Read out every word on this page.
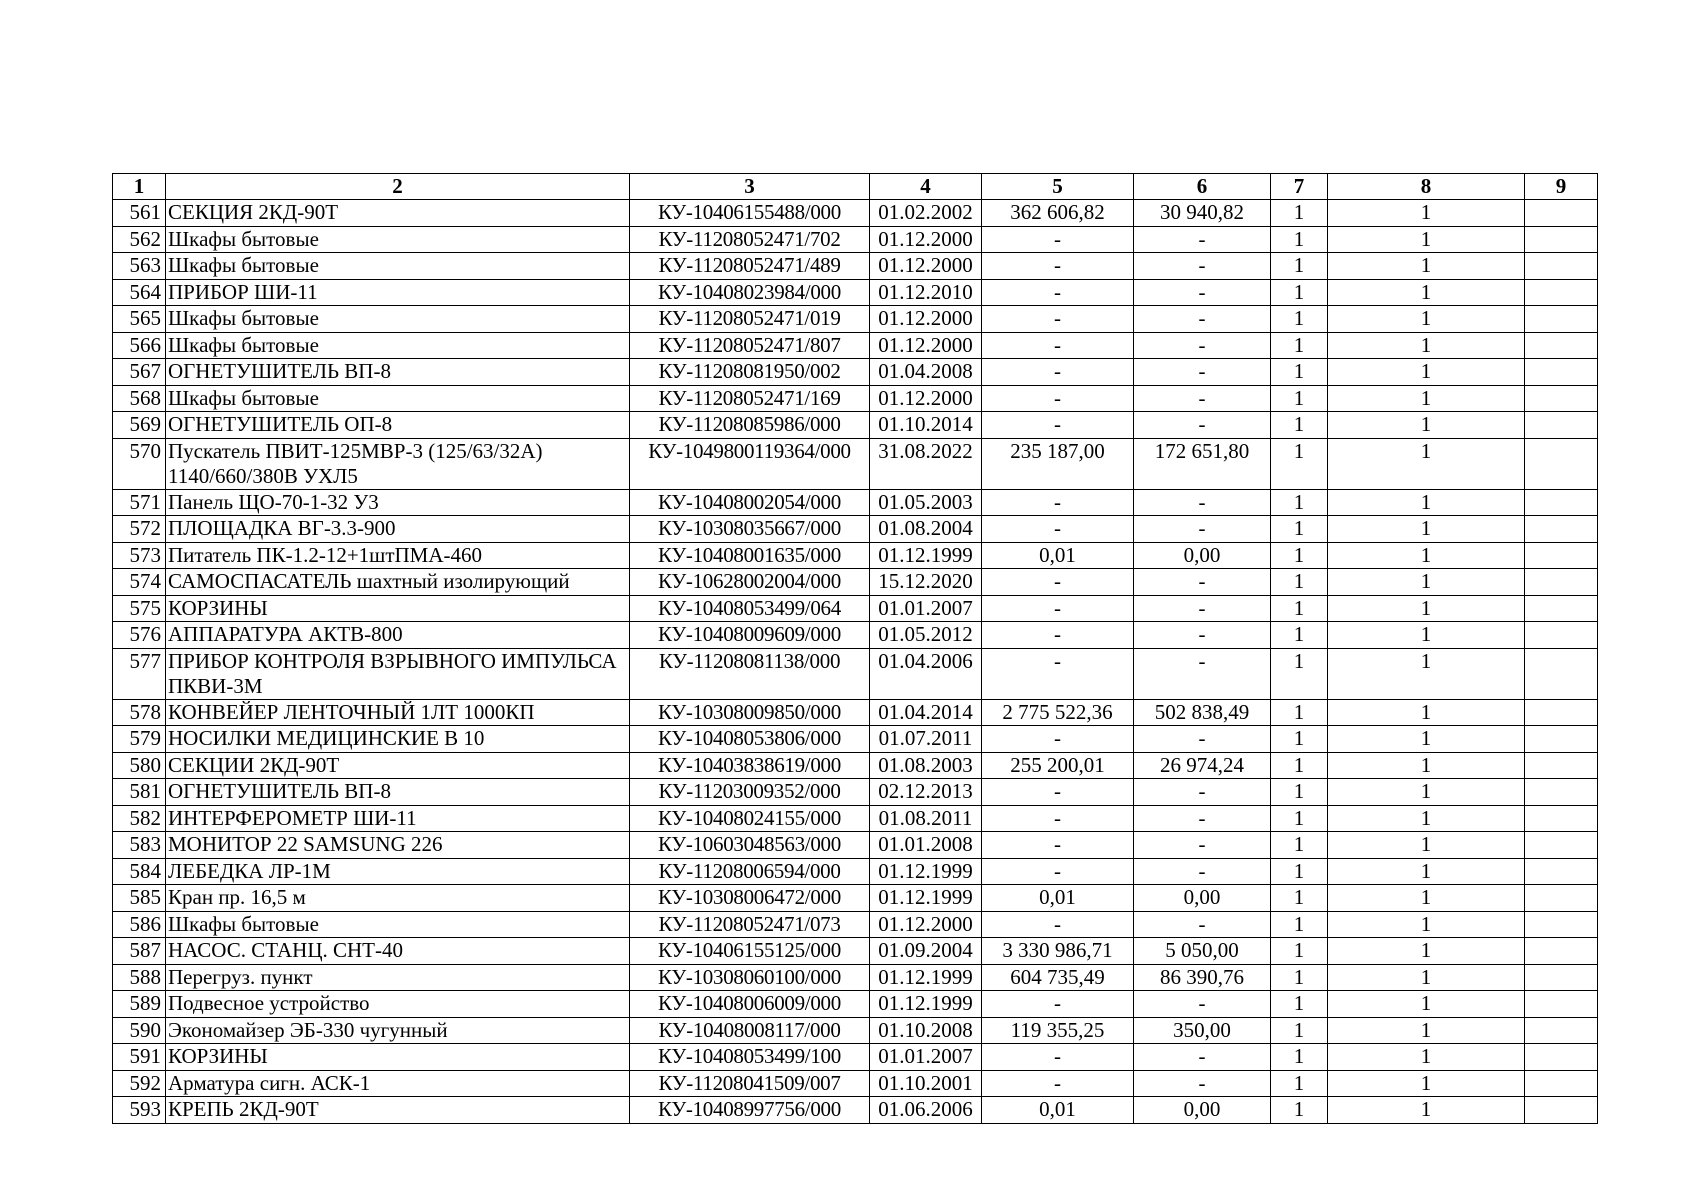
1	2	3	4	5	6	7	8	9
561	СЕКЦИЯ 2КД-90Т	КУ-10406155488/000	01.02.2002	362 606,82	30 940,82	1	1	
562	Шкафы бытовые	КУ-11208052471/702	01.12.2000	-	-	1	1	
563	Шкафы бытовые	КУ-11208052471/489	01.12.2000	-	-	1	1	
564	ПРИБОР ШИ-11	КУ-10408023984/000	01.12.2010	-	-	1	1	
565	Шкафы бытовые	КУ-11208052471/019	01.12.2000	-	-	1	1	
566	Шкафы бытовые	КУ-11208052471/807	01.12.2000	-	-	1	1	
567	ОГНЕТУШИТЕЛЬ ВП-8	КУ-11208081950/002	01.04.2008	-	-	1	1	
568	Шкафы бытовые	КУ-11208052471/169	01.12.2000	-	-	1	1	
569	ОГНЕТУШИТЕЛЬ ОП-8	КУ-11208085986/000	01.10.2014	-	-	1	1	
570	Пускатель ПВИТ-125МВР-3 (125/63/32А) 1140/660/380В УХЛ5	КУ-1049800119364/000	31.08.2022	235 187,00	172 651,80	1	1	
571	Панель ЩО-70-1-32 У3	КУ-10408002054/000	01.05.2003	-	-	1	1	
572	ПЛОЩАДКА ВГ-3.3-900	КУ-10308035667/000	01.08.2004	-	-	1	1	
573	Питатель ПК-1.2-12+1штПМА-460	КУ-10408001635/000	01.12.1999	0,01	0,00	1	1	
574	САМОСПАСАТЕЛЬ шахтный изолирующий	КУ-10628002004/000	15.12.2020	-	-	1	1	
575	КОРЗИНЫ	КУ-10408053499/064	01.01.2007	-	-	1	1	
576	АППАРАТУРА АКТВ-800	КУ-10408009609/000	01.05.2012	-	-	1	1	
577	ПРИБОР КОНТРОЛЯ ВЗРЫВНОГО ИМПУЛЬСА ПКВИ-3М	КУ-11208081138/000	01.04.2006	-	-	1	1	
578	КОНВЕЙЕР ЛЕНТОЧНЫЙ 1ЛТ 1000КП	КУ-10308009850/000	01.04.2014	2 775 522,36	502 838,49	1	1	
579	НОСИЛКИ МЕДИЦИНСКИЕ В 10	КУ-10408053806/000	01.07.2011	-	-	1	1	
580	СЕКЦИИ 2КД-90Т	КУ-10403838619/000	01.08.2003	255 200,01	26 974,24	1	1	
581	ОГНЕТУШИТЕЛЬ ВП-8	КУ-11203009352/000	02.12.2013	-	-	1	1	
582	ИНТЕРФЕРОМЕТР ШИ-11	КУ-10408024155/000	01.08.2011	-	-	1	1	
583	МОНИТОР 22 SAMSUNG 226	КУ-10603048563/000	01.01.2008	-	-	1	1	
584	ЛЕБЕДКА ЛР-1М	КУ-11208006594/000	01.12.1999	-	-	1	1	
585	Кран пр. 16,5 м	КУ-10308006472/000	01.12.1999	0,01	0,00	1	1	
586	Шкафы бытовые	КУ-11208052471/073	01.12.2000	-	-	1	1	
587	НАСОС. СТАНЦ. СНТ-40	КУ-10406155125/000	01.09.2004	3 330 986,71	5 050,00	1	1	
588	Перегруз. пункт	КУ-10308060100/000	01.12.1999	604 735,49	86 390,76	1	1	
589	Подвесное устройство	КУ-10408006009/000	01.12.1999	-	-	1	1	
590	Экономайзер ЭБ-330 чугунный	КУ-10408008117/000	01.10.2008	119 355,25	350,00	1	1	
591	КОРЗИНЫ	КУ-10408053499/100	01.01.2007	-	-	1	1	
592	Арматура сигн. АСК-1	КУ-11208041509/007	01.10.2001	-	-	1	1	
593	КРЕПЬ 2КД-90Т	КУ-10408997756/000	01.06.2006	0,01	0,00	1	1	
